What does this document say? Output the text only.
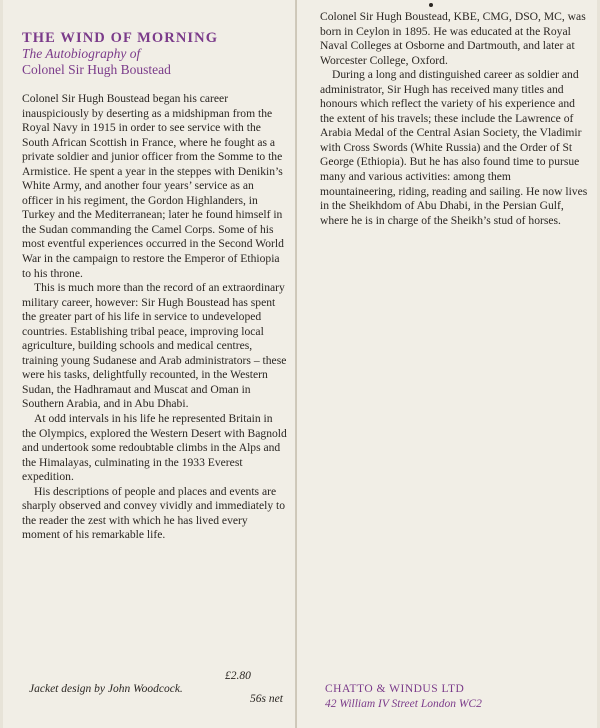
THE WIND OF MORNING

The Autobiography of

Colonel Sir Hugh Boustead

Colonel Sir Hugh Boustead began his career inauspiciously by deserting as a midshipman from the Royal Navy in 1915 in order to see service with the South African Scottish in France, where he fought as a private soldier and junior officer from the Somme to the Armistice. He spent a year in the steppes with Denikin’s White Army, and another four years’ service as an officer in his regiment, the Gordon Highlanders, in Turkey and the Mediterranean; later he found himself in the Sudan commanding the Camel Corps. Some of his most eventful experiences occurred in the Second World War in the campaign to restore the Emperor of Ethiopia to his throne.

This is much more than the record of an extraordinary military career, however: Sir Hugh Boustead has spent the greater part of his life in service to undeveloped countries. Establishing tribal peace, improving local agriculture, building schools and medical centres, training young Sudanese and Arab administrators – these were his tasks, delightfully recounted, in the Western Sudan, the Hadhramaut and Muscat and Oman in Southern Arabia, and in Abu Dhabi.

At odd intervals in his life he represented Britain in the Olympics, explored the Western Desert with Bagnold and undertook some redoubtable climbs in the Alps and the Himalayas, culminating in the 1933 Everest expedition.

His descriptions of people and places and events are sharply observed and convey vividly and immediately to the reader the zest with which he has lived every moment of his remarkable life.

Jacket design by John Woodcock.
£2.80
56s net

Colonel Sir Hugh Boustead, KBE, CMG, DSO, MC, was born in Ceylon in 1895. He was educated at the Royal Naval Colleges at Osborne and Dartmouth, and later at Worcester College, Oxford.

During a long and distinguished career as soldier and administrator, Sir Hugh has received many titles and honours which reflect the variety of his experience and the extent of his travels; these include the Lawrence of Arabia Medal of the Central Asian Society, the Vladimir with Cross Swords (White Russia) and the Order of St George (Ethiopia). But he has also found time to pursue many and various activities: among them mountaineering, riding, reading and sailing. He now lives in the Sheikhdom of Abu Dhabi, in the Persian Gulf, where he is in charge of the Sheikh’s stud of horses.

CHATTO & WINDUS LTD
42 William IV Street London WC2
